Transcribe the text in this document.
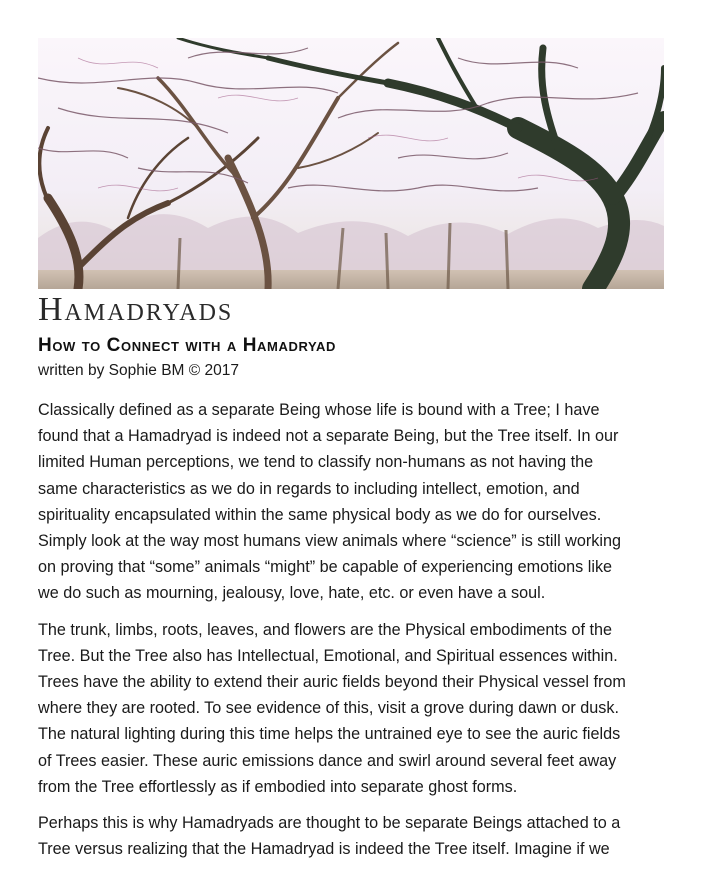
Hamadryads
How to Connect with a Hamadryad

written by Sophie BM © 2017

Classically defined as a separate Being whose life is bound with a Tree; I have
found that a Hamadryad is indeed not a separate Being, but the Tree itself. In our
limited Human perceptions, we tend to classify non-humans as not having the
same characteristics as we do in regards to including intellect, emotion, and
spirituality encapsulated within the same physical body as we do for ourselves.
Simply look at the way most humans view animals where “science” is still working
on proving that “some” animals “might” be capable of experiencing emotions like
we do such as mourning, jealousy, love, hate, etc. or even have a soul.

The trunk, limbs, roots, leaves, and flowers are the Physical embodiments of the
Tree. But the Tree also has Intellectual, Emotional, and Spiritual essences within.
Trees have the ability to extend their auric fields beyond their Physical vessel from
where they are rooted. To see evidence of this, visit a grove during dawn or dusk.
The natural lighting during this time helps the untrained eye to see the auric fields
of Trees easier. These auric emissions dance and swirl around several feet away
from the Tree effortlessly as if embodied into separate ghost forms.

Perhaps this is why Hamadryads are thought to be separate Beings attached to a
Tree versus realizing that the Hamadryad is indeed the Tree itself. Imagine if we
